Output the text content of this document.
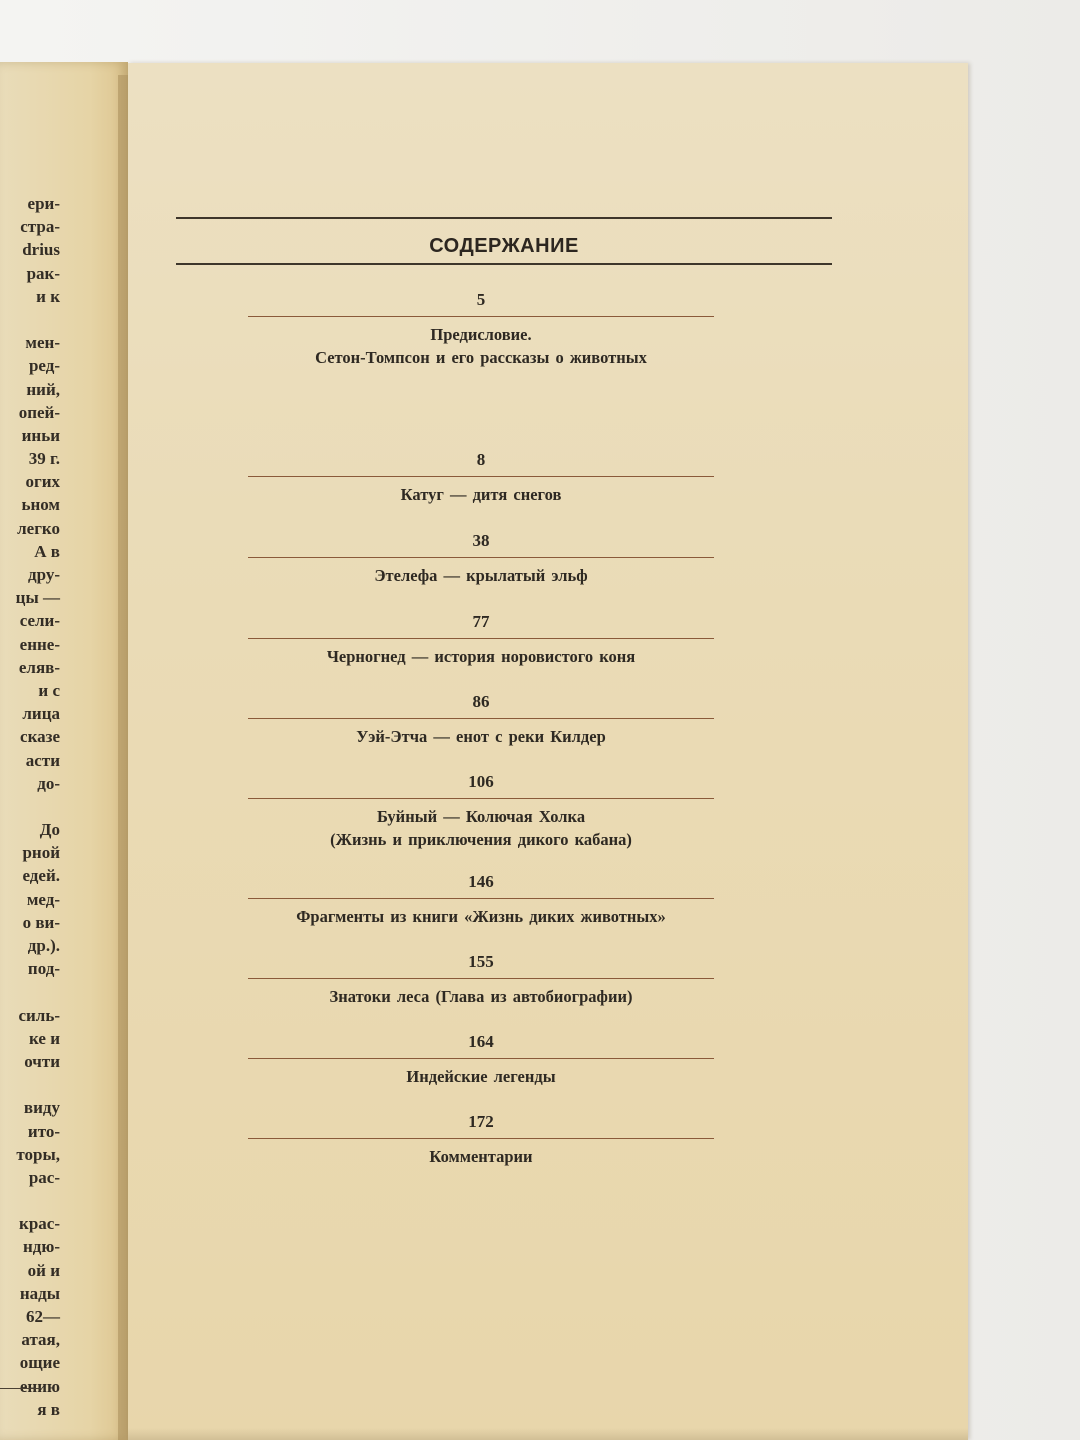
ери-
стра-
drius
рак-
и к
мен-
ред-
ний,
опей-
иньи
39 г.
огих
ьном
легко
А в
дру-
цы —
сели-
енне-
еляв-
и с
лица
сказе
асти
до-
До
рной
едей.
мед-
о ви-
др.).
под-
силь-
ке и
очти
виду
ито-
торы,
рас-
крас-
ндю-
ой и
нады
62—
атая,
ощие
ению
я в
СОДЕРЖАНИЕ
5
Предисловие.
Сетон-Томпсон и его рассказы о животных
8
Катуг — дитя снегов
38
Этелефа — крылатый эльф
77
Черногнед — история норовистого коня
86
Уэй-Этча — енот с реки Килдер
106
Буйный — Колючая Холка
(Жизнь и приключения дикого кабана)
146
Фрагменты из книги «Жизнь диких животных»
155
Знатоки леса (Глава из автобиографии)
164
Индейские легенды
172
Комментарии
